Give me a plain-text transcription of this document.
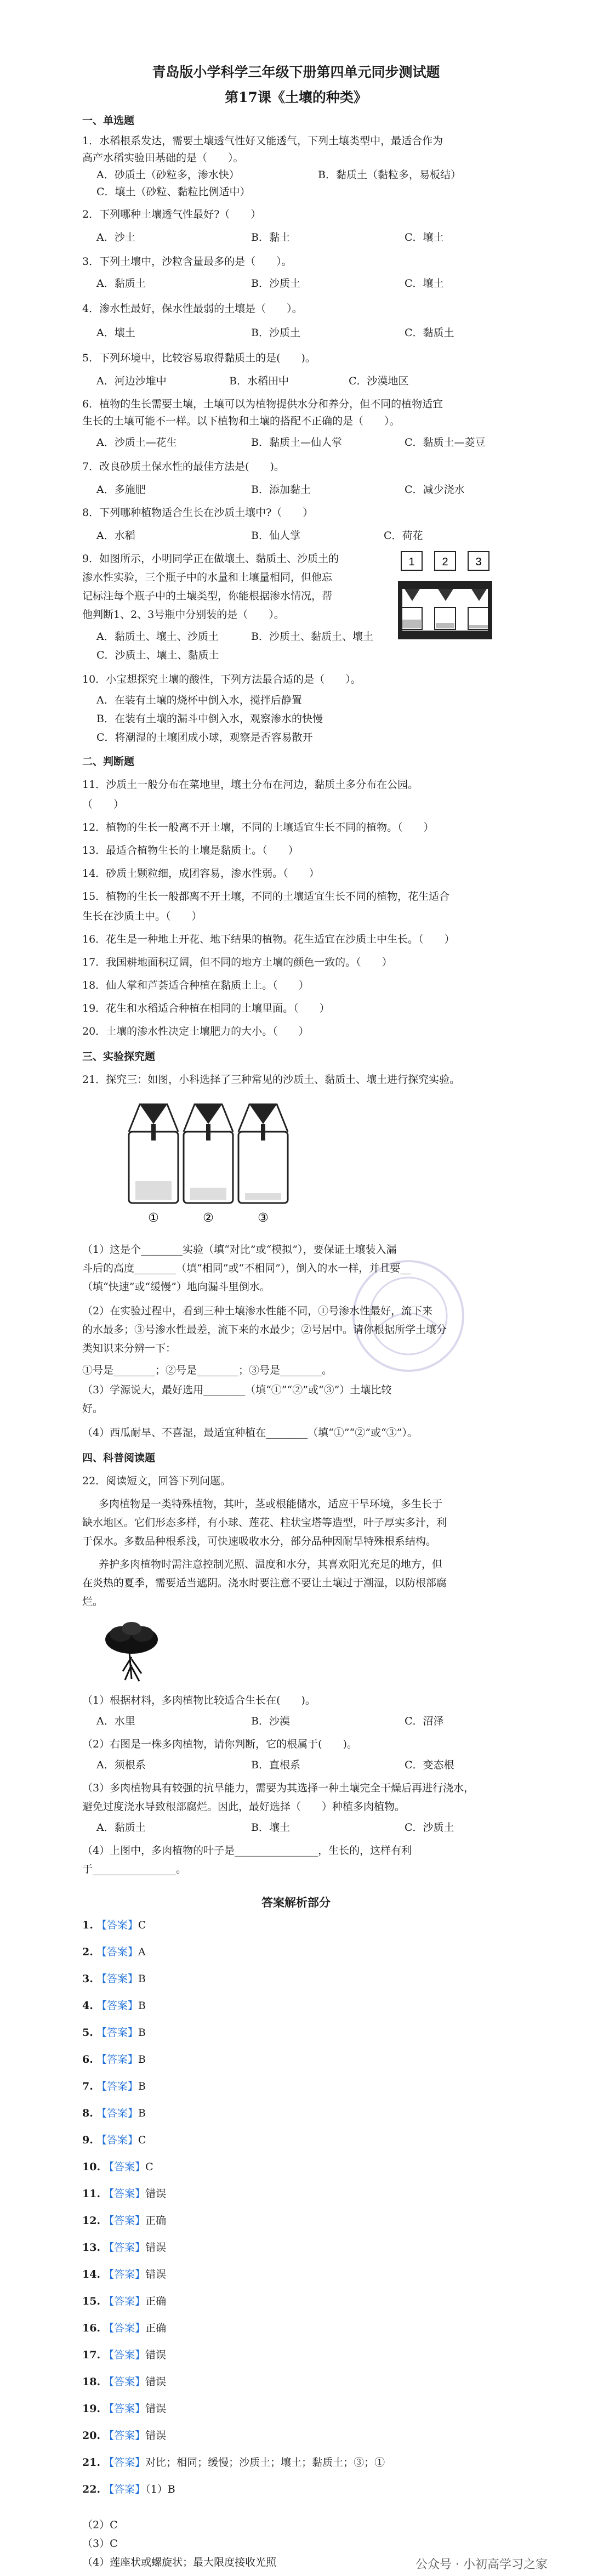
青岛版小学科学三年级下册第四单元同步测试题
第17课《土壤的种类》
一、单选题
1．水稻根系发达，需要土壤透气性好又能透气，下列土壤类型中，最适合作为
高产水稻实验田基础的是（　　）。
A．砂质土（砂粒多，渗水快）	B．黏质土（黏粒多，易板结）
C．壤土（砂粒、黏粒比例适中）
2．下列哪种土壤透气性最好?（　　）
A．沙土	B．黏土	C．壤土
3．下列土壤中，沙粒含量最多的是（　　）。
A．黏质土	B．沙质土	C．壤土
4．渗水性最好，保水性最弱的土壤是（　　）。
A．壤土	B．沙质土	C．黏质土
5．下列环境中，比较容易取得黏质土的是(　　)。
A．河边沙堆中	B．水稻田中	C．沙漠地区
6．植物的生长需要土壤，土壤可以为植物提供水分和养分，但不同的植物适宜
生长的土壤可能不一样。以下植物和土壤的搭配不正确的是（　　）。
A．沙质土—花生	B．黏质土—仙人掌	C．黏质土—菱豆
7．改良砂质土保水性的最佳方法是(　　)。
A．多施肥	B．添加黏土	C．减少浇水
8．下列哪种植物适合生长在沙质土壤中?（　　）
A．水稻	B．仙人掌	C．荷花
9．如图所示，小明同学正在做壤土、黏质土、沙质土的
渗水性实验，三个瓶子中的水量和土壤量相同，但他忘
记标注每个瓶子中的土壤类型，你能根据渗水情况，帮
他判断1、2、3号瓶中分别装的是（　　）。
A．黏质土、壤土、沙质土	B．沙质土、黏质土、壤土
C．沙质土、壤土、黏质土
1 2 3
10．小宝想探究土壤的酸性，下列方法最合适的是（　　）。
A．在装有土壤的烧杯中倒入水，搅拌后静置
B．在装有土壤的漏斗中倒入水，观察渗水的快慢
C．将潮湿的土壤团成小球，观察是否容易散开
二、判断题
11．沙质土一般分布在菜地里，壤土分布在河边，黏质土多分布在公园。
（　　）
12．植物的生长一般离不开土壤，不同的土壤适宜生长不同的植物。（　　）
13．最适合植物生长的土壤是黏质土。（　　）
14．砂质土颗粒细，成团容易，渗水性弱。（　　）
15．植物的生长一般都离不开土壤，不同的土壤适宜生长不同的植物，花生适合
生长在沙质土中。（　　）
16．花生是一种地上开花、地下结果的植物。花生适宜在沙质土中生长。（　　）
17．我国耕地面积辽阔，但不同的地方土壤的颜色一致的。（　　）
18．仙人掌和芦荟适合种植在黏质土上。（　　）
19．花生和水稻适合种植在相同的土壤里面。（　　）
20．土壤的渗水性决定土壤肥力的大小。（　　）
三、实验探究题
21．探究三：如图，小科选择了三种常见的沙质土、黏质土、壤土进行探究实验。
①	②	③
（1）这是个________实验（填“对比”或“模拟”），要保证土壤装入漏
斗后的高度________（填“相同”或“不相同”），倒入的水一样，并且要__
（填“快速”或“缓慢”）地向漏斗里倒水。
（2）在实验过程中，看到三种土壤渗水性能不同，①号渗水性最好，流下来
的水最多；③号渗水性最差，流下来的水最少；②号居中。请你根据所学土壤分
类知识来分辨一下：
①号是________；②号是________；③号是________。
（3）学源说大，最好选用________（填“①”“②”或“③”）土壤比较
好。
（4）西瓜耐旱、不喜湿，最适宜种植在________（填“①”“②”或“③”）。
四、科普阅读题
22．阅读短文，回答下列问题。
多肉植物是一类特殊植物，其叶，茎或根能储水，适应干旱环境，多生长于
缺水地区。它们形态多样，有小球、莲花、柱状宝塔等造型，叶子厚实多汁，利
于保水。多数品种根系浅，可快速吸收水分，部分品种因耐旱特殊根系结构。
养护多肉植物时需注意控制光照、温度和水分，其喜欢阳光充足的地方，但
在炎热的夏季，需要适当遮阴。浇水时要注意不要让土壤过于潮湿，以防根部腐
烂。
（1）根据材料，多肉植物比较适合生长在(　　)。
A．水里	B．沙漠	C．沼泽
（2）右图是一株多肉植物，请你判断，它的根属于(　　)。
A．须根系	B．直根系	C．变态根
（3）多肉植物具有较强的抗旱能力，需要为其选择一种土壤完全干燥后再进行浇水，
避免过度浇水导致根部腐烂。因此，最好选择（　　）种植多肉植物。
A．黏质土	B．壤土	C．沙质土
（4）上图中，多肉植物的叶子是________________，生长的，这样有利
于________________。
答案解析部分
1. 【答案】C
2. 【答案】A
3. 【答案】B
4. 【答案】B
5. 【答案】B
6. 【答案】B
7. 【答案】B
8. 【答案】B
9. 【答案】C
10. 【答案】C
11. 【答案】错误
12. 【答案】正确
13. 【答案】错误
14. 【答案】错误
15. 【答案】正确
16. 【答案】正确
17. 【答案】错误
18. 【答案】错误
19. 【答案】错误
20. 【答案】错误
21. 【答案】对比；相同；缓慢；沙质土；壤土；黏质土；③；①
22. 【答案】（1）B
（2）C
（3）C
（4）莲座状或螺旋状；最大限度接收光照	公众号 · 小初高学习之家
